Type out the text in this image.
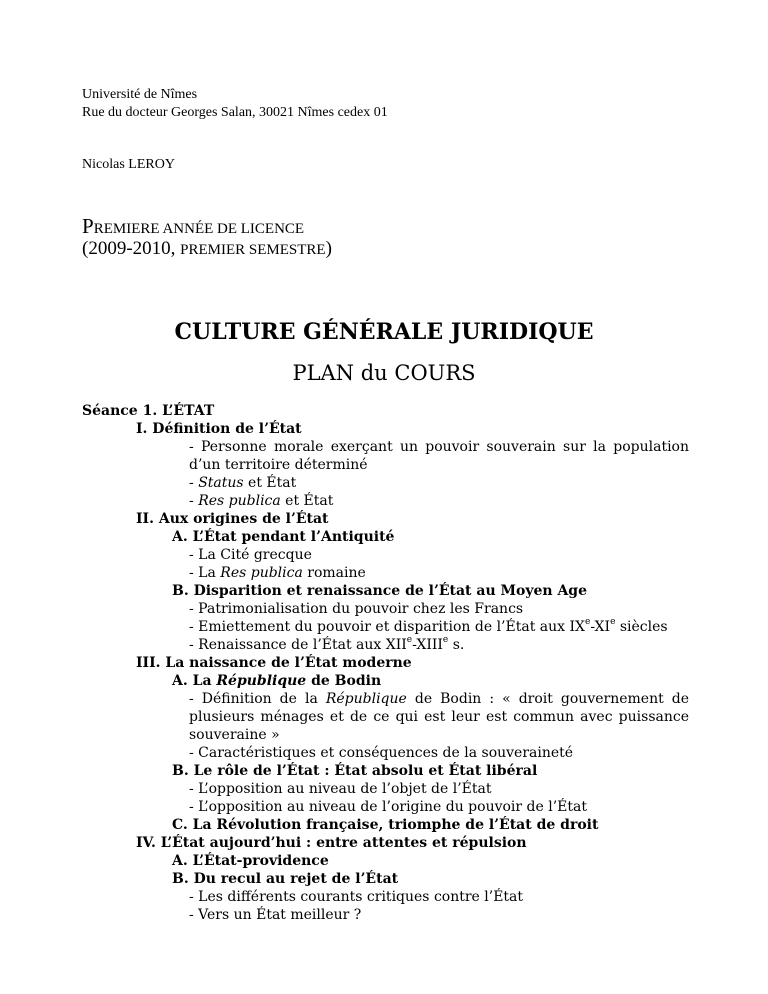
Université de Nîmes
Rue du docteur Georges Salan, 30021 Nîmes cedex 01
Nicolas LEROY
PREMIERE ANNÉE DE LICENCE
(2009-2010, PREMIER SEMESTRE)
CULTURE GÉNÉRALE JURIDIQUE
PLAN du COURS
Séance 1. L’ÉTAT
I. Définition de l’État
- Personne morale exerçant un pouvoir souverain sur la population
d’un territoire déterminé
- Status et État
- Res publica et État
II. Aux origines de l’État
A. L’État pendant l’Antiquité
- La Cité grecque
- La Res publica romaine
B. Disparition et renaissance de l’État au Moyen Age
- Patrimonialisation du pouvoir chez les Francs
- Emiettement du pouvoir et disparition de l’État aux IXe-XIe siècles
- Renaissance de l’État aux XIIe-XIIIe s.
III. La naissance de l’État moderne
A. La République de Bodin
- Définition de la République de Bodin : « droit gouvernement de
plusieurs ménages et de ce qui est leur est commun avec puissance
souveraine »
- Caractéristiques et conséquences de la souveraineté
B. Le rôle de l’État : État absolu et État libéral
- L’opposition au niveau de l’objet de l’État
- L’opposition au niveau de l’origine du pouvoir de l’État
C. La Révolution française, triomphe de l’État de droit
IV. L’État aujourd’hui : entre attentes et répulsion
A. L’État-providence
B. Du recul au rejet de l’État
- Les différents courants critiques contre l’État
- Vers un État meilleur ?
